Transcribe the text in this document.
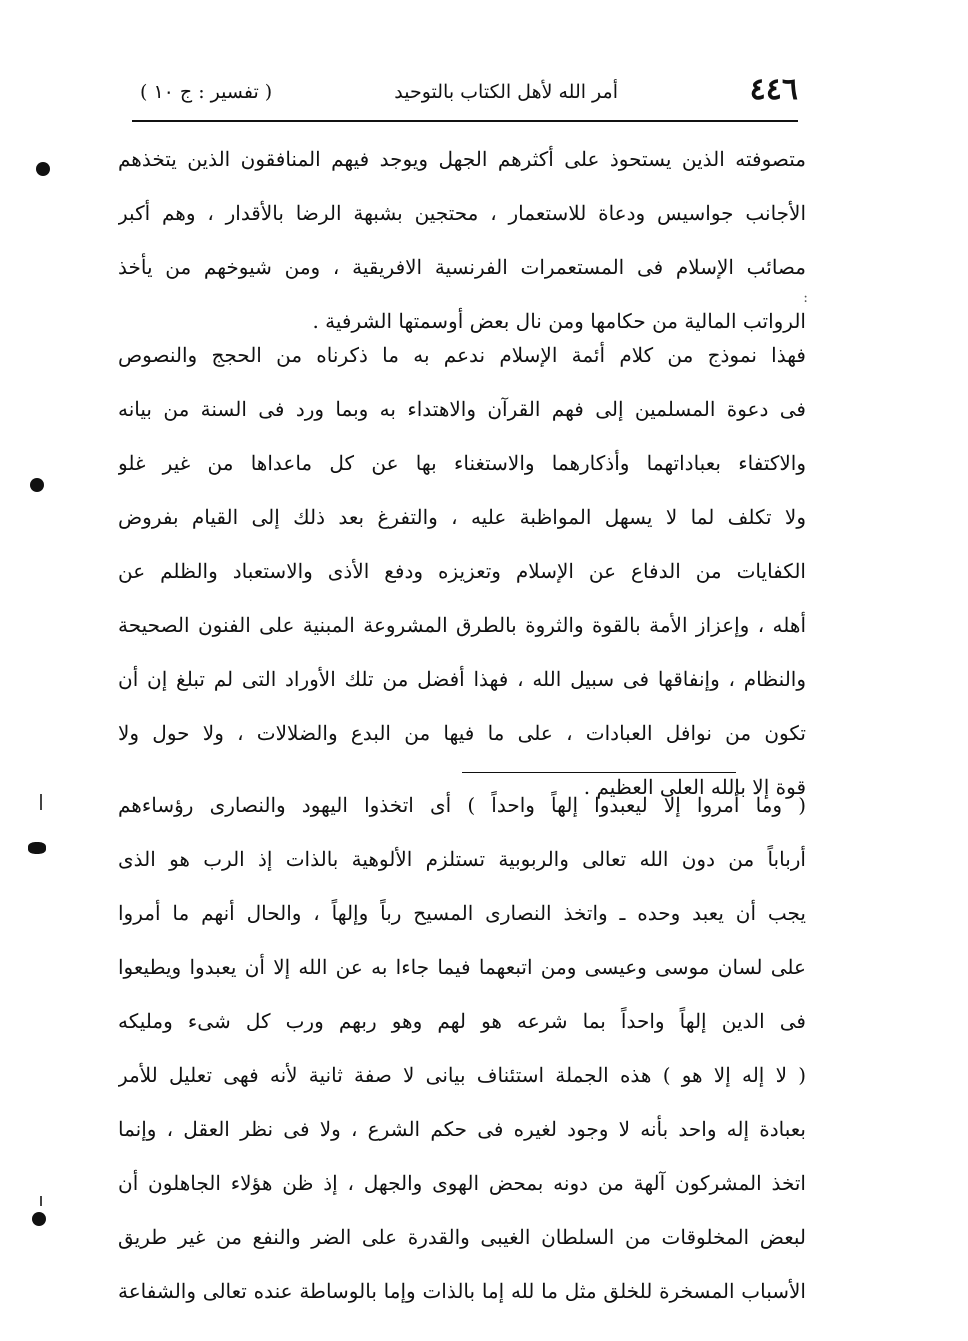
٤٤٦
أمر الله لأهل الكتاب بالتوحيد
( تفسير : ج ١٠ )
متصوفته الذين يستحوذ على أكثرهم الجهل ويوجد فيهم المنافقون الذين يتخذهم
الأجانب جواسيس ودعاة للاستعمار ، محتجين بشبهة الرضا بالأقدار ، وهم أكبر
مصائب الإسلام فى المستعمرات الفرنسية الافريقية ، ومن شيوخهم من يأخذ
الرواتب المالية من حكامها ومن نال بعض أوسمتها الشرفية .
:
فهذا نموذج من كلام أئمة الإسلام ندعم به ما ذكرناه من الحجج والنصوص
فى دعوة المسلمين إلى فهم القرآن والاهتداء به وبما ورد فى السنة من بيانه
والاكتفاء بعباداتهما وأذكارهما والاستغناء بها عن كل ماعداها من غير غلو
ولا تكلف لما لا يسهل المواظبة عليه ، والتفرغ بعد ذلك إلى القيام بفروض
الكفايات من الدفاع عن الإسلام وتعزيزه ودفع الأذى والاستعباد والظلم عن
أهله ، وإعزاز الأمة بالقوة والثروة بالطرق المشروعة المبنية على الفنون الصحيحة
والنظام ، وإنفاقها فى سبيل الله ، فهذا أفضل من تلك الأوراد التى لم تبلغ إن أن
تكون من نوافل العبادات ، على ما فيها من البدع والضلالات ، ولا حول ولا
قوة إلا بالله العلى العظيم .
( وما أمروا إلا ليعبدوا إلهاً واحداً ) أى اتخذوا اليهود والنصارى رؤساءهم
أرباباً من دون الله تعالى والربوبية تستلزم الألوهية بالذات إذ الرب هو الذى
يجب أن يعبد وحده ـ واتخذ النصارى المسيح رباً وإلهاً ، والحال أنهم ما أمروا
على لسان موسى وعيسى ومن اتبعهما فيما جاءا به عن الله إلا أن يعبدوا ويطيعوا
فى الدين إلهاً واحداً بما شرعه هو لهم وهو ربهم ورب كل شىء ومليكه
( لا إله إلا هو ) هذه الجملة استئناف بيانى لا صفة ثانية لأنه فهى تعليل للأمر
بعبادة إله واحد بأنه لا وجود لغيره فى حكم الشرع ، ولا فى نظر العقل ، وإنما
اتخذ المشركون آلهة من دونه بمحض الهوى والجهل ، إذ ظن هؤلاء الجاهلون أن
لبعض المخلوقات من السلطان الغيبى والقدرة على الضر والنفع من غير طريق
الأسباب المسخرة للخلق مثل ما لله إما بالذات وإما بالوساطة عنده تعالى والشفاعة
